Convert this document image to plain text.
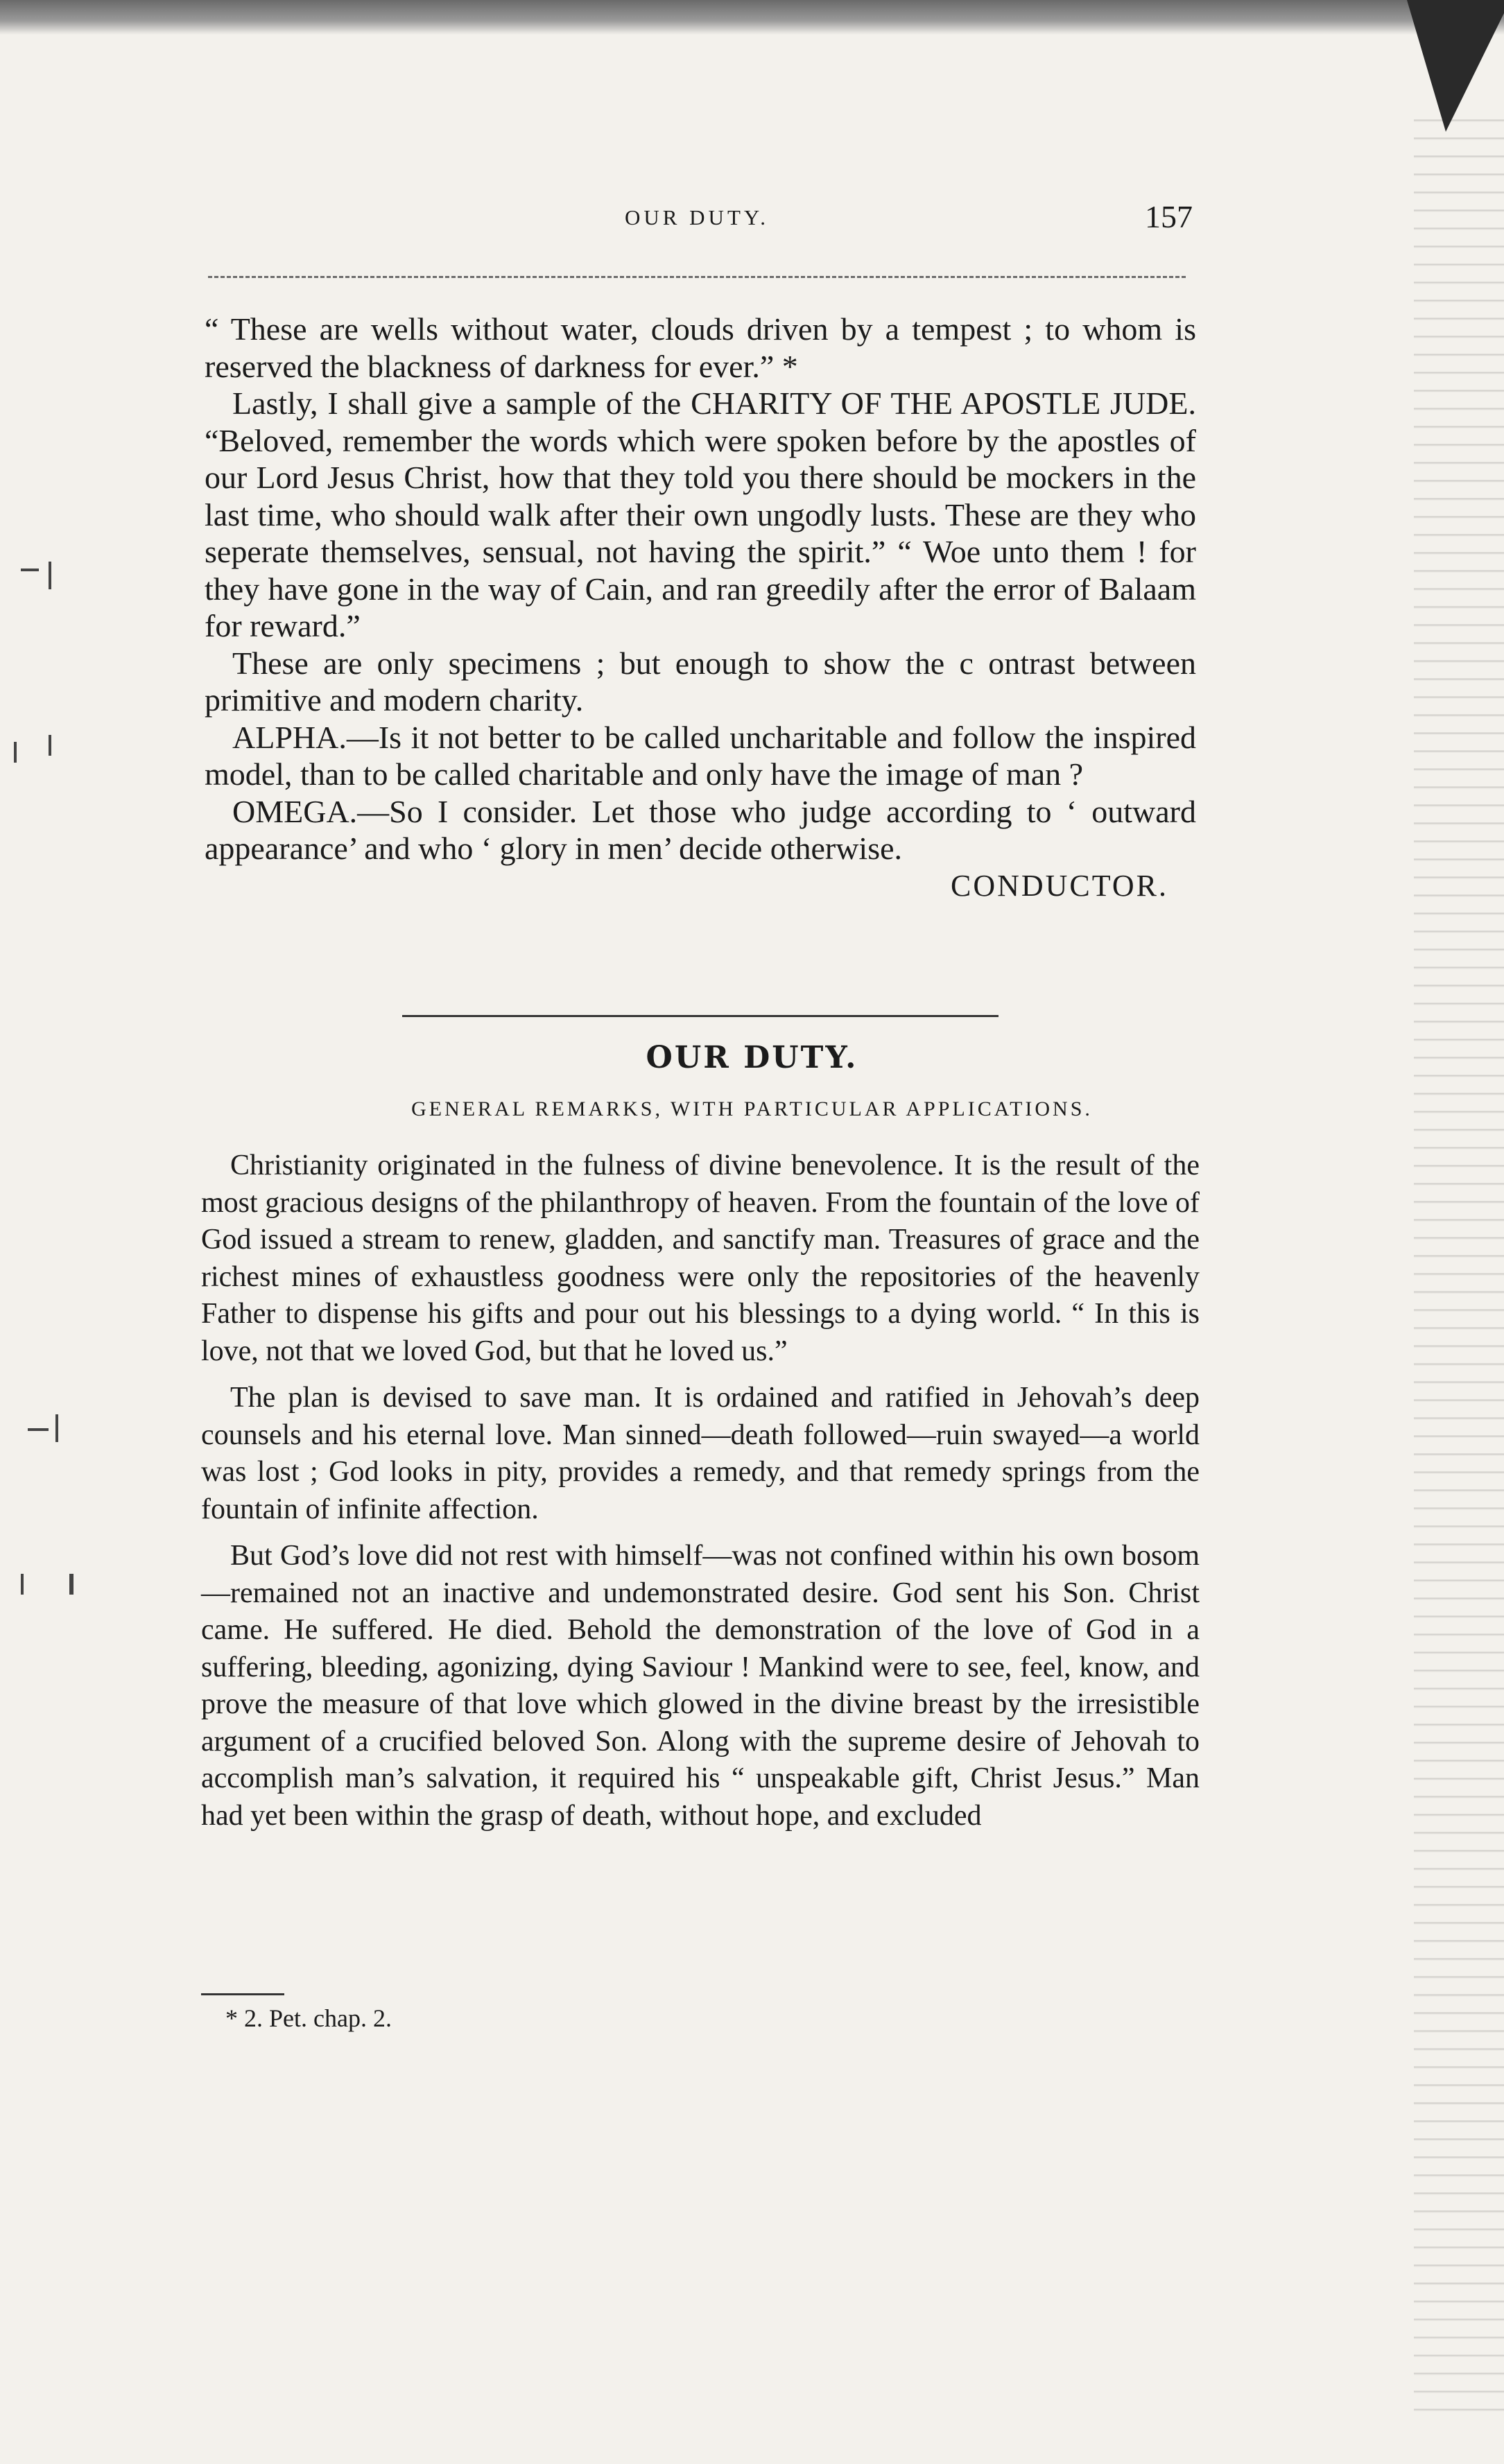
OUR DUTY.	157

“ These are wells without water, clouds driven by a tempest ; to whom is reserved the blackness of darkness for ever.” *

Lastly, I shall give a sample of the CHARITY OF THE APOSTLE JUDE. “Beloved, remember the words which were spoken before by the apostles of our Lord Jesus Christ, how that they told you there should be mockers in the last time, who should walk after their own ungodly lusts. These are they who seperate themselves, sensual, not having the spirit.” “ Woe unto them ! for they have gone in the way of Cain, and ran greedily after the error of Balaam for reward.”

These are only specimens ; but enough to show the c ontrast between primitive and modern charity.

ALPHA.—Is it not better to be called uncharitable and follow the inspired model, than to be called charitable and only have the image of man ?

OMEGA.—So I consider. Let those who judge according to ‘ outward appearance’ and who ‘ glory in men’ decide otherwise.

CONDUCTOR.

OUR DUTY.
GENERAL REMARKS, WITH PARTICULAR APPLICATIONS.

Christianity originated in the fulness of divine benevolence. It is the result of the most gracious designs of the philanthropy of heaven. From the fountain of the love of God issued a stream to renew, gladden, and sanctify man. Treasures of grace and the richest mines of exhaustless goodness were only the repositories of the heavenly Father to dispense his gifts and pour out his blessings to a dying world. “ In this is love, not that we loved God, but that he loved us.”

The plan is devised to save man. It is ordained and ratified in Jehovah’s deep counsels and his eternal love. Man sinned—death followed—ruin swayed—a world was lost ; God looks in pity, provides a remedy, and that remedy springs from the fountain of infinite affection.

But God’s love did not rest with himself—was not confined within his own bosom—remained not an inactive and undemonstrated desire. God sent his Son. Christ came. He suffered. He died. Behold the demonstration of the love of God in a suffering, bleeding, agonizing, dying Saviour ! Mankind were to see, feel, know, and prove the measure of that love which glowed in the divine breast by the irresistible argument of a crucified beloved Son. Along with the supreme desire of Jehovah to accomplish man’s salvation, it required his “ unspeakable gift, Christ Jesus.” Man had yet been within the grasp of death, without hope, and excluded

* 2. Pet. chap. 2.
